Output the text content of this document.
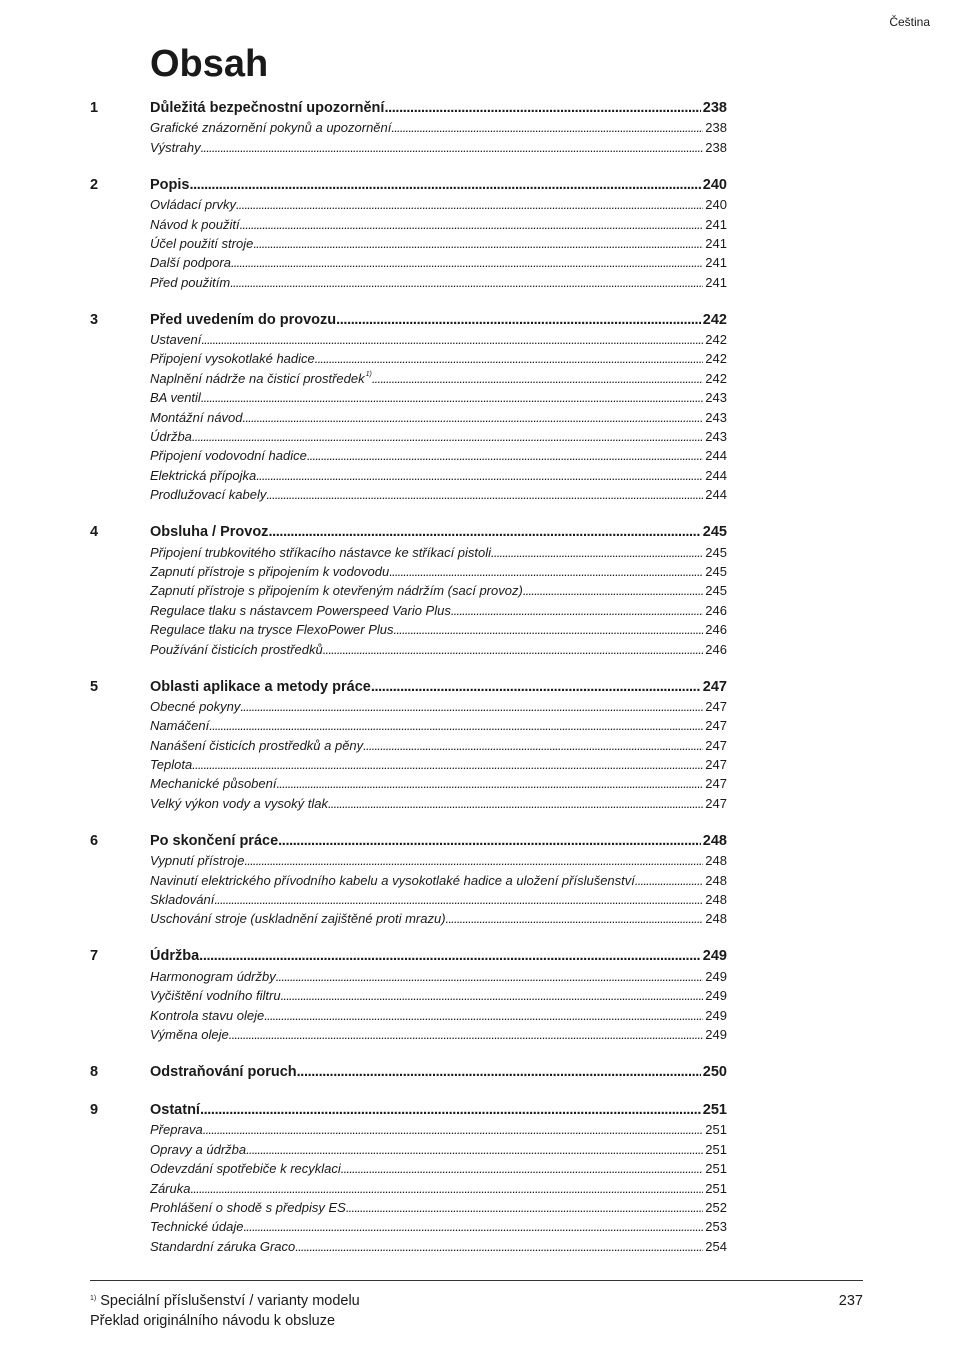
Čeština
Obsah
1	Důležitá bezpečnostní upozornění . . .	238
Grafické znázornění pokynů a upozornění . . .	238
Výstrahy . . .	238
2	Popis . . .	240
Ovládací prvky . . .	240
Návod k použití . . .	241
Účel použití stroje . . .	241
Další podpora . . .	241
Před použitím . . .	241
3	Před uvedením do provozu . . .	242
Ustavení . . .	242
Připojení vysokotlaké hadice . . .	242
Naplnění nádrže na čisticí prostředek$^{1)}$ . . .	242
BA ventil . . .	243
Montážní návod . . .	243
Údržba . . .	243
Připojení vodovodní hadice . . .	244
Elektrická přípojka . . .	244
Prodlužovací kabely . . .	244
4	Obsluha / Provoz . . .	245
Připojení trubkovitého stříkacího nástavce ke stříkací pistoli . . .	245
Zapnutí přístroje s připojením k vodovodu . . .	245
Zapnutí přístroje s připojením k otevřeným nádržím (sací provoz) . . .	245
Regulace tlaku s nástavcem Powerspeed Vario Plus . . .	246
Regulace tlaku na trysce FlexoPower Plus . . .	246
Používání čisticích prostředků . . .	246
5	Oblasti aplikace a metody práce . . .	247
Obecné pokyny . . .	247
Namáčení . . .	247
Nanášení čisticích prostředků a pěny . . .	247
Teplota . . .	247
Mechanické působení . . .	247
Velký výkon vody a vysoký tlak . . .	247
6	Po skončení práce . . .	248
Vypnutí přístroje . . .	248
Navinutí elektrického přívodního kabelu a vysokotlaké hadice a uložení příslušenství . . .	248
Skladování . . .	248
Uschování stroje (uskladnění zajištěné proti mrazu) . . .	248
7	Údržba . . .	249
Harmonogram údržby . . .	249
Vyčištění vodního filtru . . .	249
Kontrola stavu oleje . . .	249
Výměna oleje . . .	249
8	Odstraňování poruch . . .	250
9	Ostatní . . .	251
Přeprava . . .	251
Opravy a údržba . . .	251
Odevzdání spotřebiče k recyklaci . . .	251
Záruka . . .	251
Prohlášení o shodě s předpisy ES . . .	252
Technické údaje . . .	253
Standardní záruka Graco . . .	254
$^{1)}$ Speciální příslušenství / varianty modelu
Překlad originálního návodu k obsluze
237
